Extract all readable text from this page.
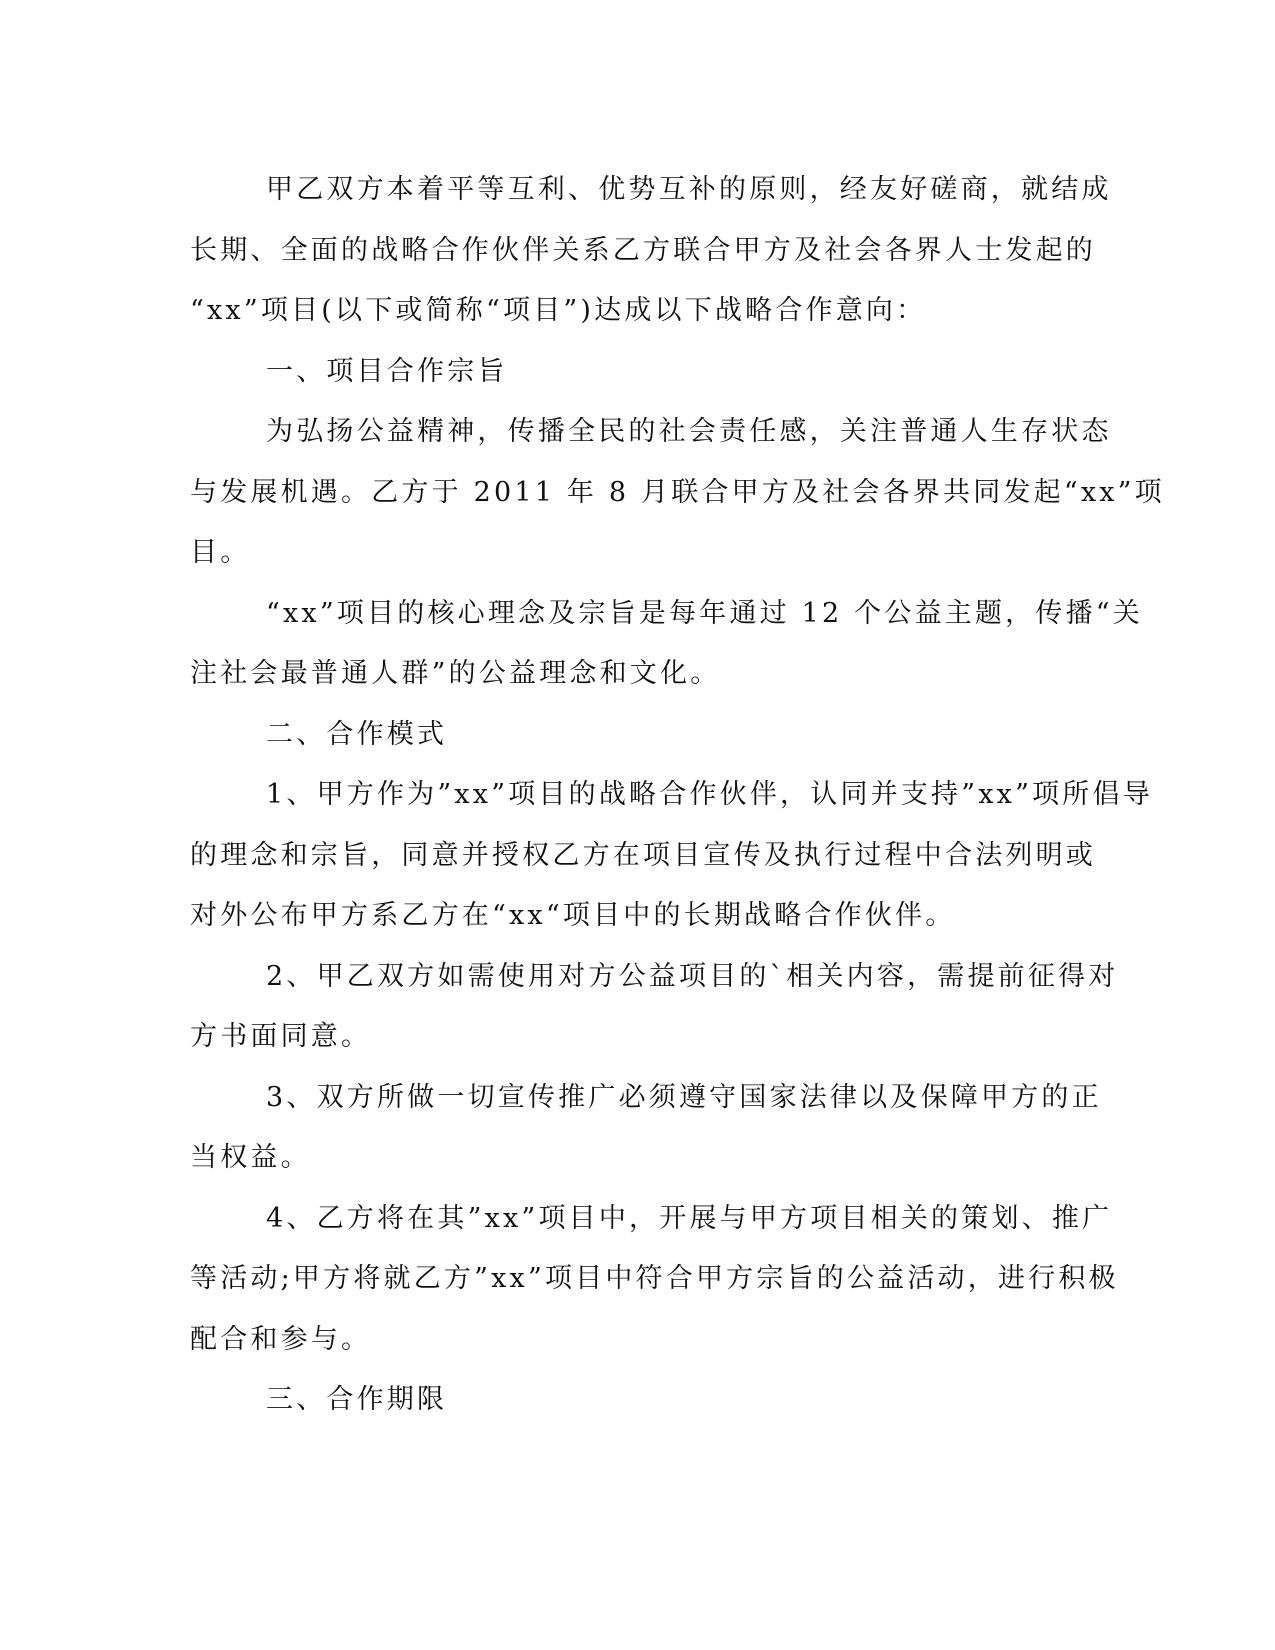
甲乙双方本着平等互利、优势互补的原则，经友好磋商，就结成
长期、全面的战略合作伙伴关系乙方联合甲方及社会各界人士发起的
“xx”项目(以下或简称“项目”)达成以下战略合作意向：
一、项目合作宗旨
为弘扬公益精神，传播全民的社会责任感，关注普通人生存状态
与发展机遇。乙方于 2011 年 8 月联合甲方及社会各界共同发起“xx”项
目。
“xx”项目的核心理念及宗旨是每年通过 12 个公益主题，传播“关
注社会最普通人群”的公益理念和文化。
二、合作模式
1、甲方作为”xx”项目的战略合作伙伴，认同并支持”xx”项所倡导
的理念和宗旨，同意并授权乙方在项目宣传及执行过程中合法列明或
对外公布甲方系乙方在“xx“项目中的长期战略合作伙伴。
2、甲乙双方如需使用对方公益项目的`相关内容，需提前征得对
方书面同意。
3、双方所做一切宣传推广必须遵守国家法律以及保障甲方的正
当权益。
4、乙方将在其”xx”项目中，开展与甲方项目相关的策划、推广
等活动;甲方将就乙方”xx”项目中符合甲方宗旨的公益活动，进行积极
配合和参与。
三、合作期限
